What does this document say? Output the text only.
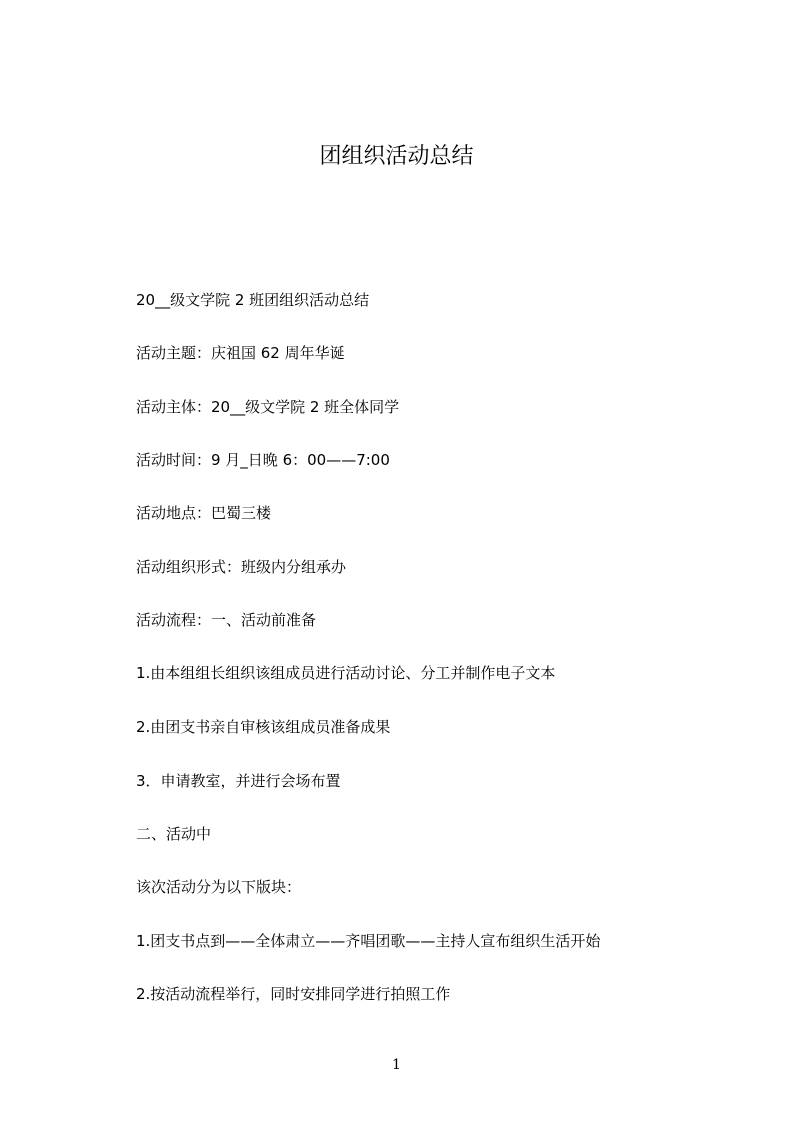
团组织活动总结

20__级文学院 2 班团组织活动总结

活动主题：庆祖国 62 周年华诞

活动主体：20__级文学院 2 班全体同学

活动时间：9 月_日晚 6：00——7:00

活动地点：巴蜀三楼

活动组织形式：班级内分组承办

活动流程：一、活动前准备

1.由本组组长组织该组成员进行活动讨论、分工并制作电子文本

2.由团支书亲自审核该组成员准备成果

3．申请教室，并进行会场布置

二、活动中

该次活动分为以下版块：

1.团支书点到——全体肃立——齐唱团歌——主持人宣布组织生活开始

2.按活动流程举行，同时安排同学进行拍照工作

1
